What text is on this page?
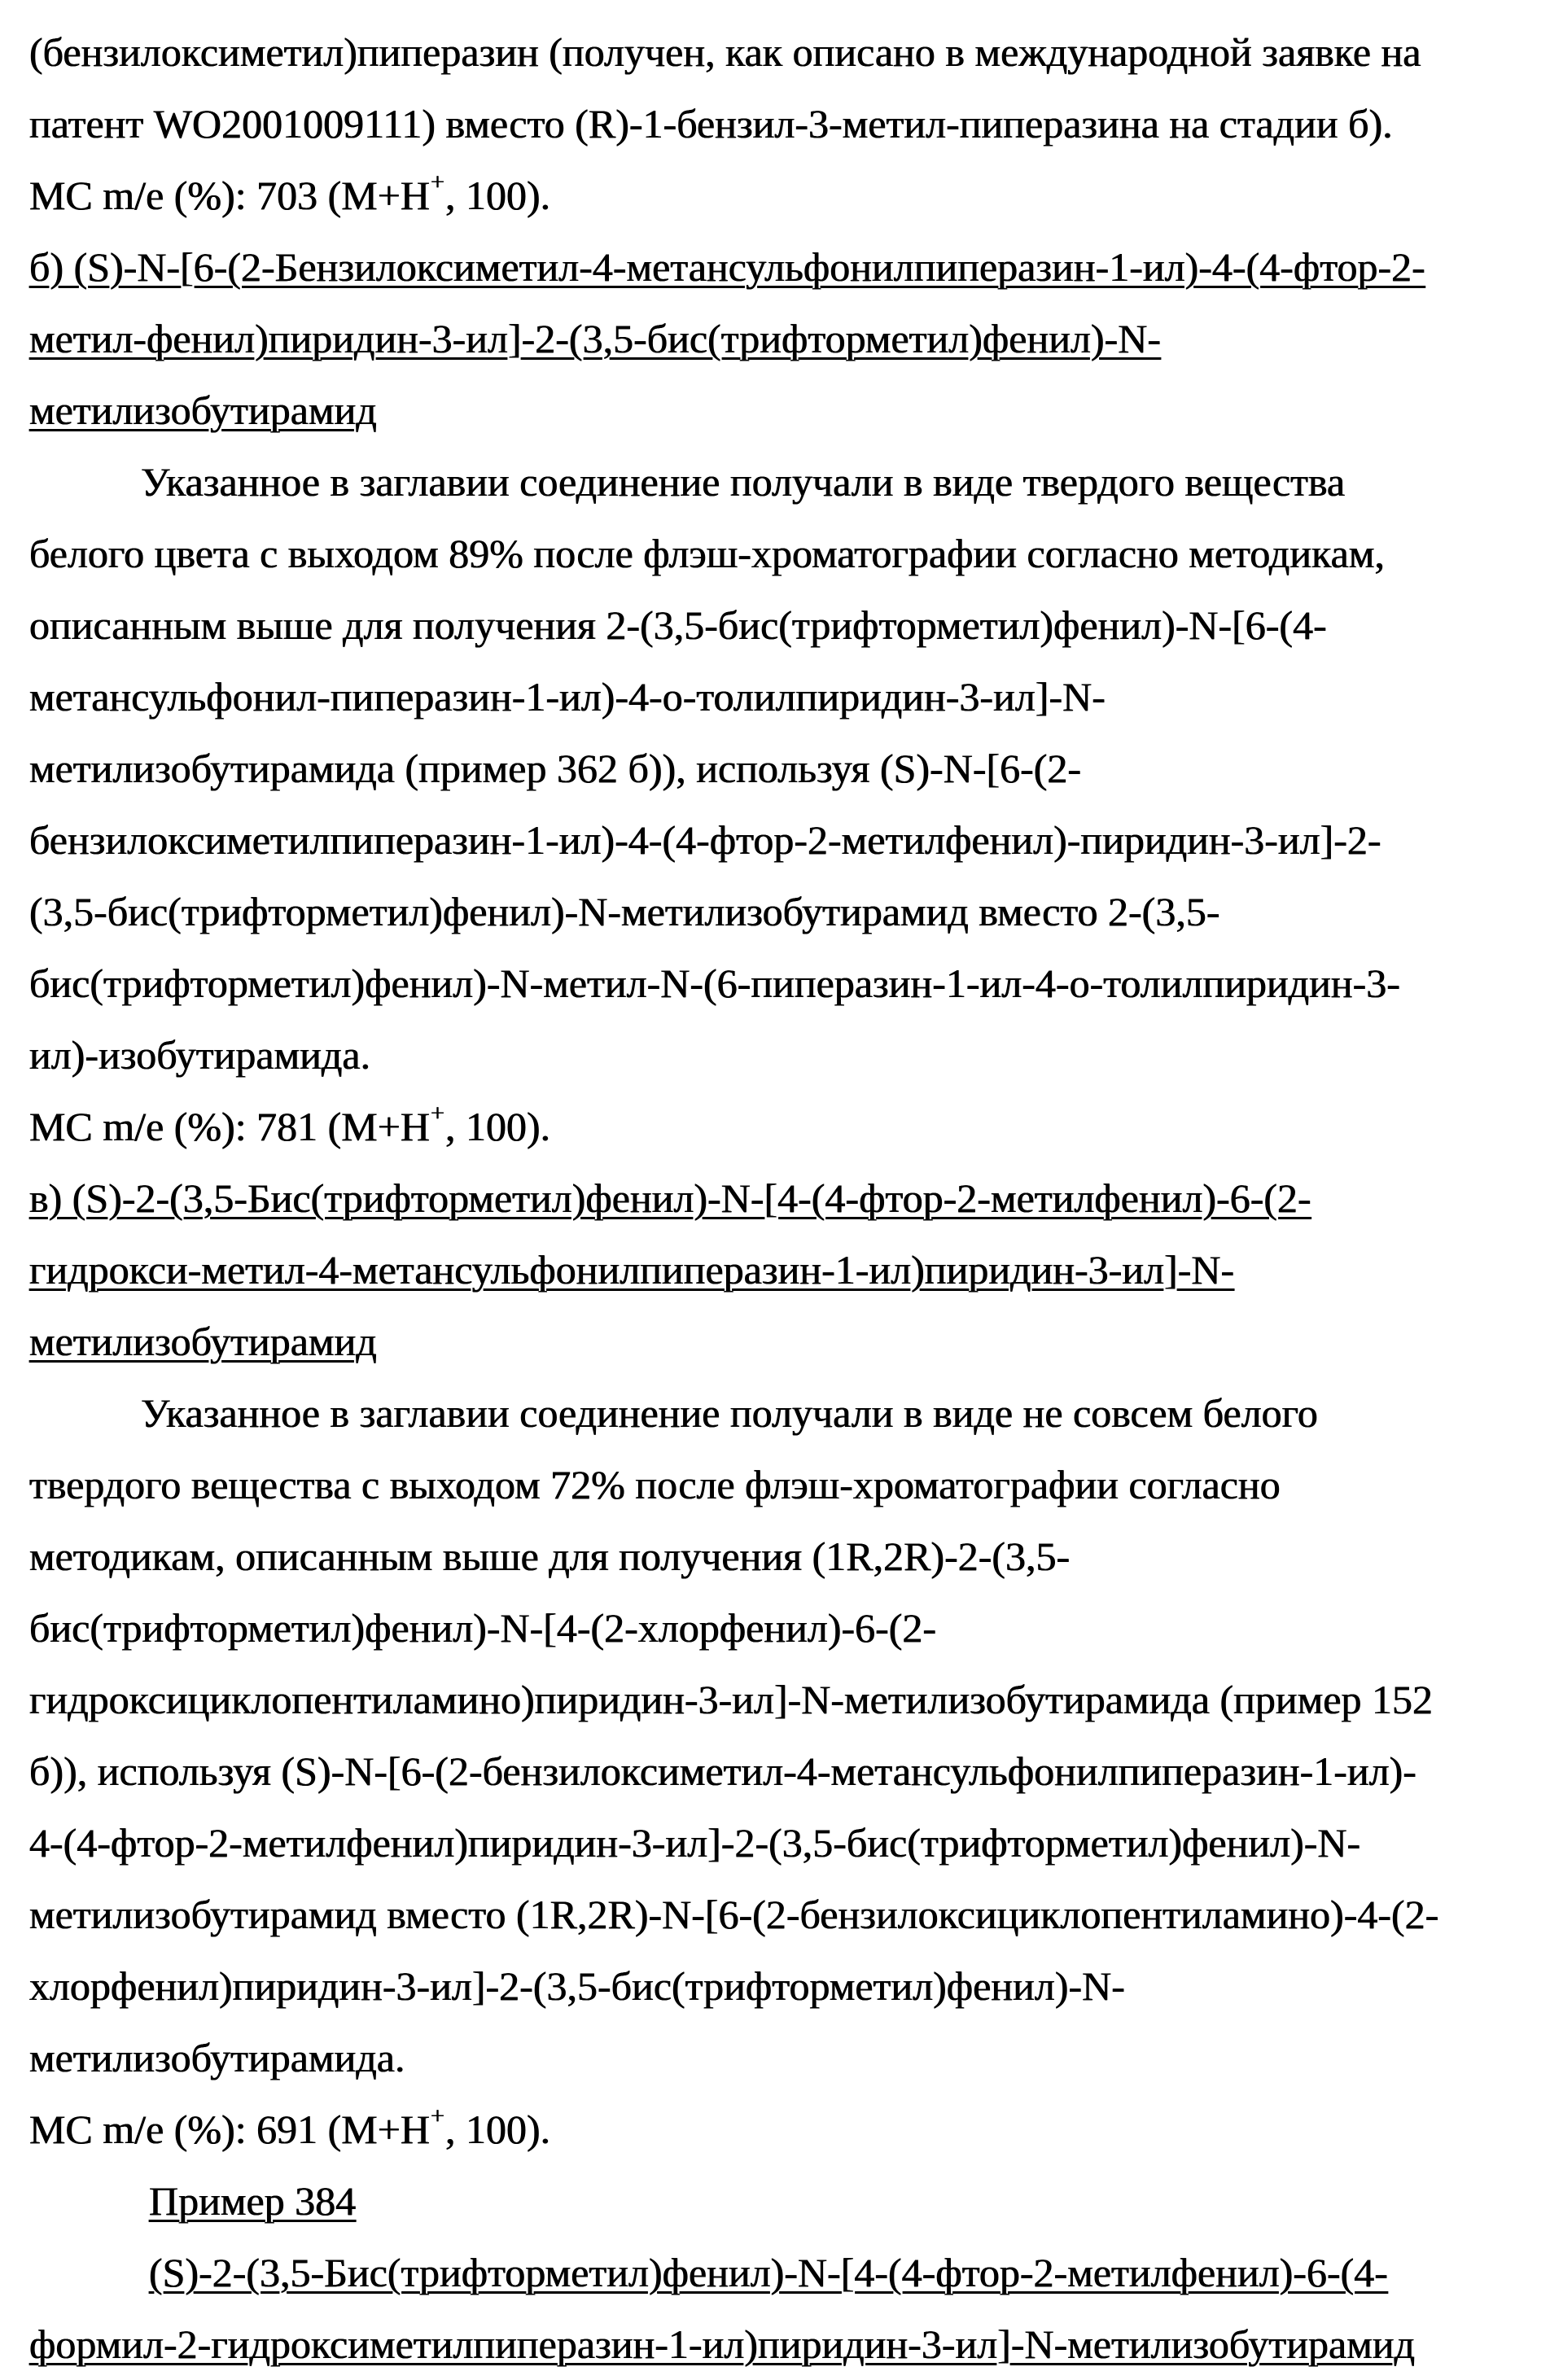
(бензилоксиметил)пиперазин (получен, как описано в международной заявке на
патент WO2001009111) вместо (R)-1-бензил-3-метил-пиперазина на стадии б).
МС m/e (%): 703 (M+H+, 100).
б) (S)-N-[6-(2-Бензилоксиметил-4-метансульфонилпиперазин-1-ил)-4-(4-фтор-2-
метил-фенил)пиридин-3-ил]-2-(3,5-бис(трифторметил)фенил)-N-
метилизобутирамид
Указанное в заглавии соединение получали в виде твердого вещества
белого цвета с выходом 89% после флэш-хроматографии согласно методикам,
описанным выше для получения 2-(3,5-бис(трифторметил)фенил)-N-[6-(4-
метансульфонил-пиперазин-1-ил)-4-о-толилпиридин-3-ил]-N-
метилизобутирамида (пример 362 б)), используя (S)-N-[6-(2-
бензилоксиметилпиперазин-1-ил)-4-(4-фтор-2-метилфенил)-пиридин-3-ил]-2-
(3,5-бис(трифторметил)фенил)-N-метилизобутирамид вместо 2-(3,5-
бис(трифторметил)фенил)-N-метил-N-(6-пиперазин-1-ил-4-о-толилпиридин-3-
ил)-изобутирамида.
МС m/e (%): 781 (M+H+, 100).
в) (S)-2-(3,5-Бис(трифторметил)фенил)-N-[4-(4-фтор-2-метилфенил)-6-(2-
гидрокси-метил-4-метансульфонилпиперазин-1-ил)пиридин-3-ил]-N-
метилизобутирамид
Указанное в заглавии соединение получали в виде не совсем белого
твердого вещества с выходом 72% после флэш-хроматографии согласно
методикам, описанным выше для получения (1R,2R)-2-(3,5-
бис(трифторметил)фенил)-N-[4-(2-хлорфенил)-6-(2-
гидроксициклопентиламино)пиридин-3-ил]-N-метилизобутирамида (пример 152
б)), используя (S)-N-[6-(2-бензилоксиметил-4-метансульфонилпиперазин-1-ил)-
4-(4-фтор-2-метилфенил)пиридин-3-ил]-2-(3,5-бис(трифторметил)фенил)-N-
метилизобутирамид вместо (1R,2R)-N-[6-(2-бензилоксициклопентиламино)-4-(2-
хлорфенил)пиридин-3-ил]-2-(3,5-бис(трифторметил)фенил)-N-
метилизобутирамида.
МС m/e (%): 691 (M+H+, 100).
Пример 384
(S)-2-(3,5-Бис(трифторметил)фенил)-N-[4-(4-фтор-2-метилфенил)-6-(4-
формил-2-гидроксиметилпиперазин-1-ил)пиридин-3-ил]-N-метилизобутирамид
